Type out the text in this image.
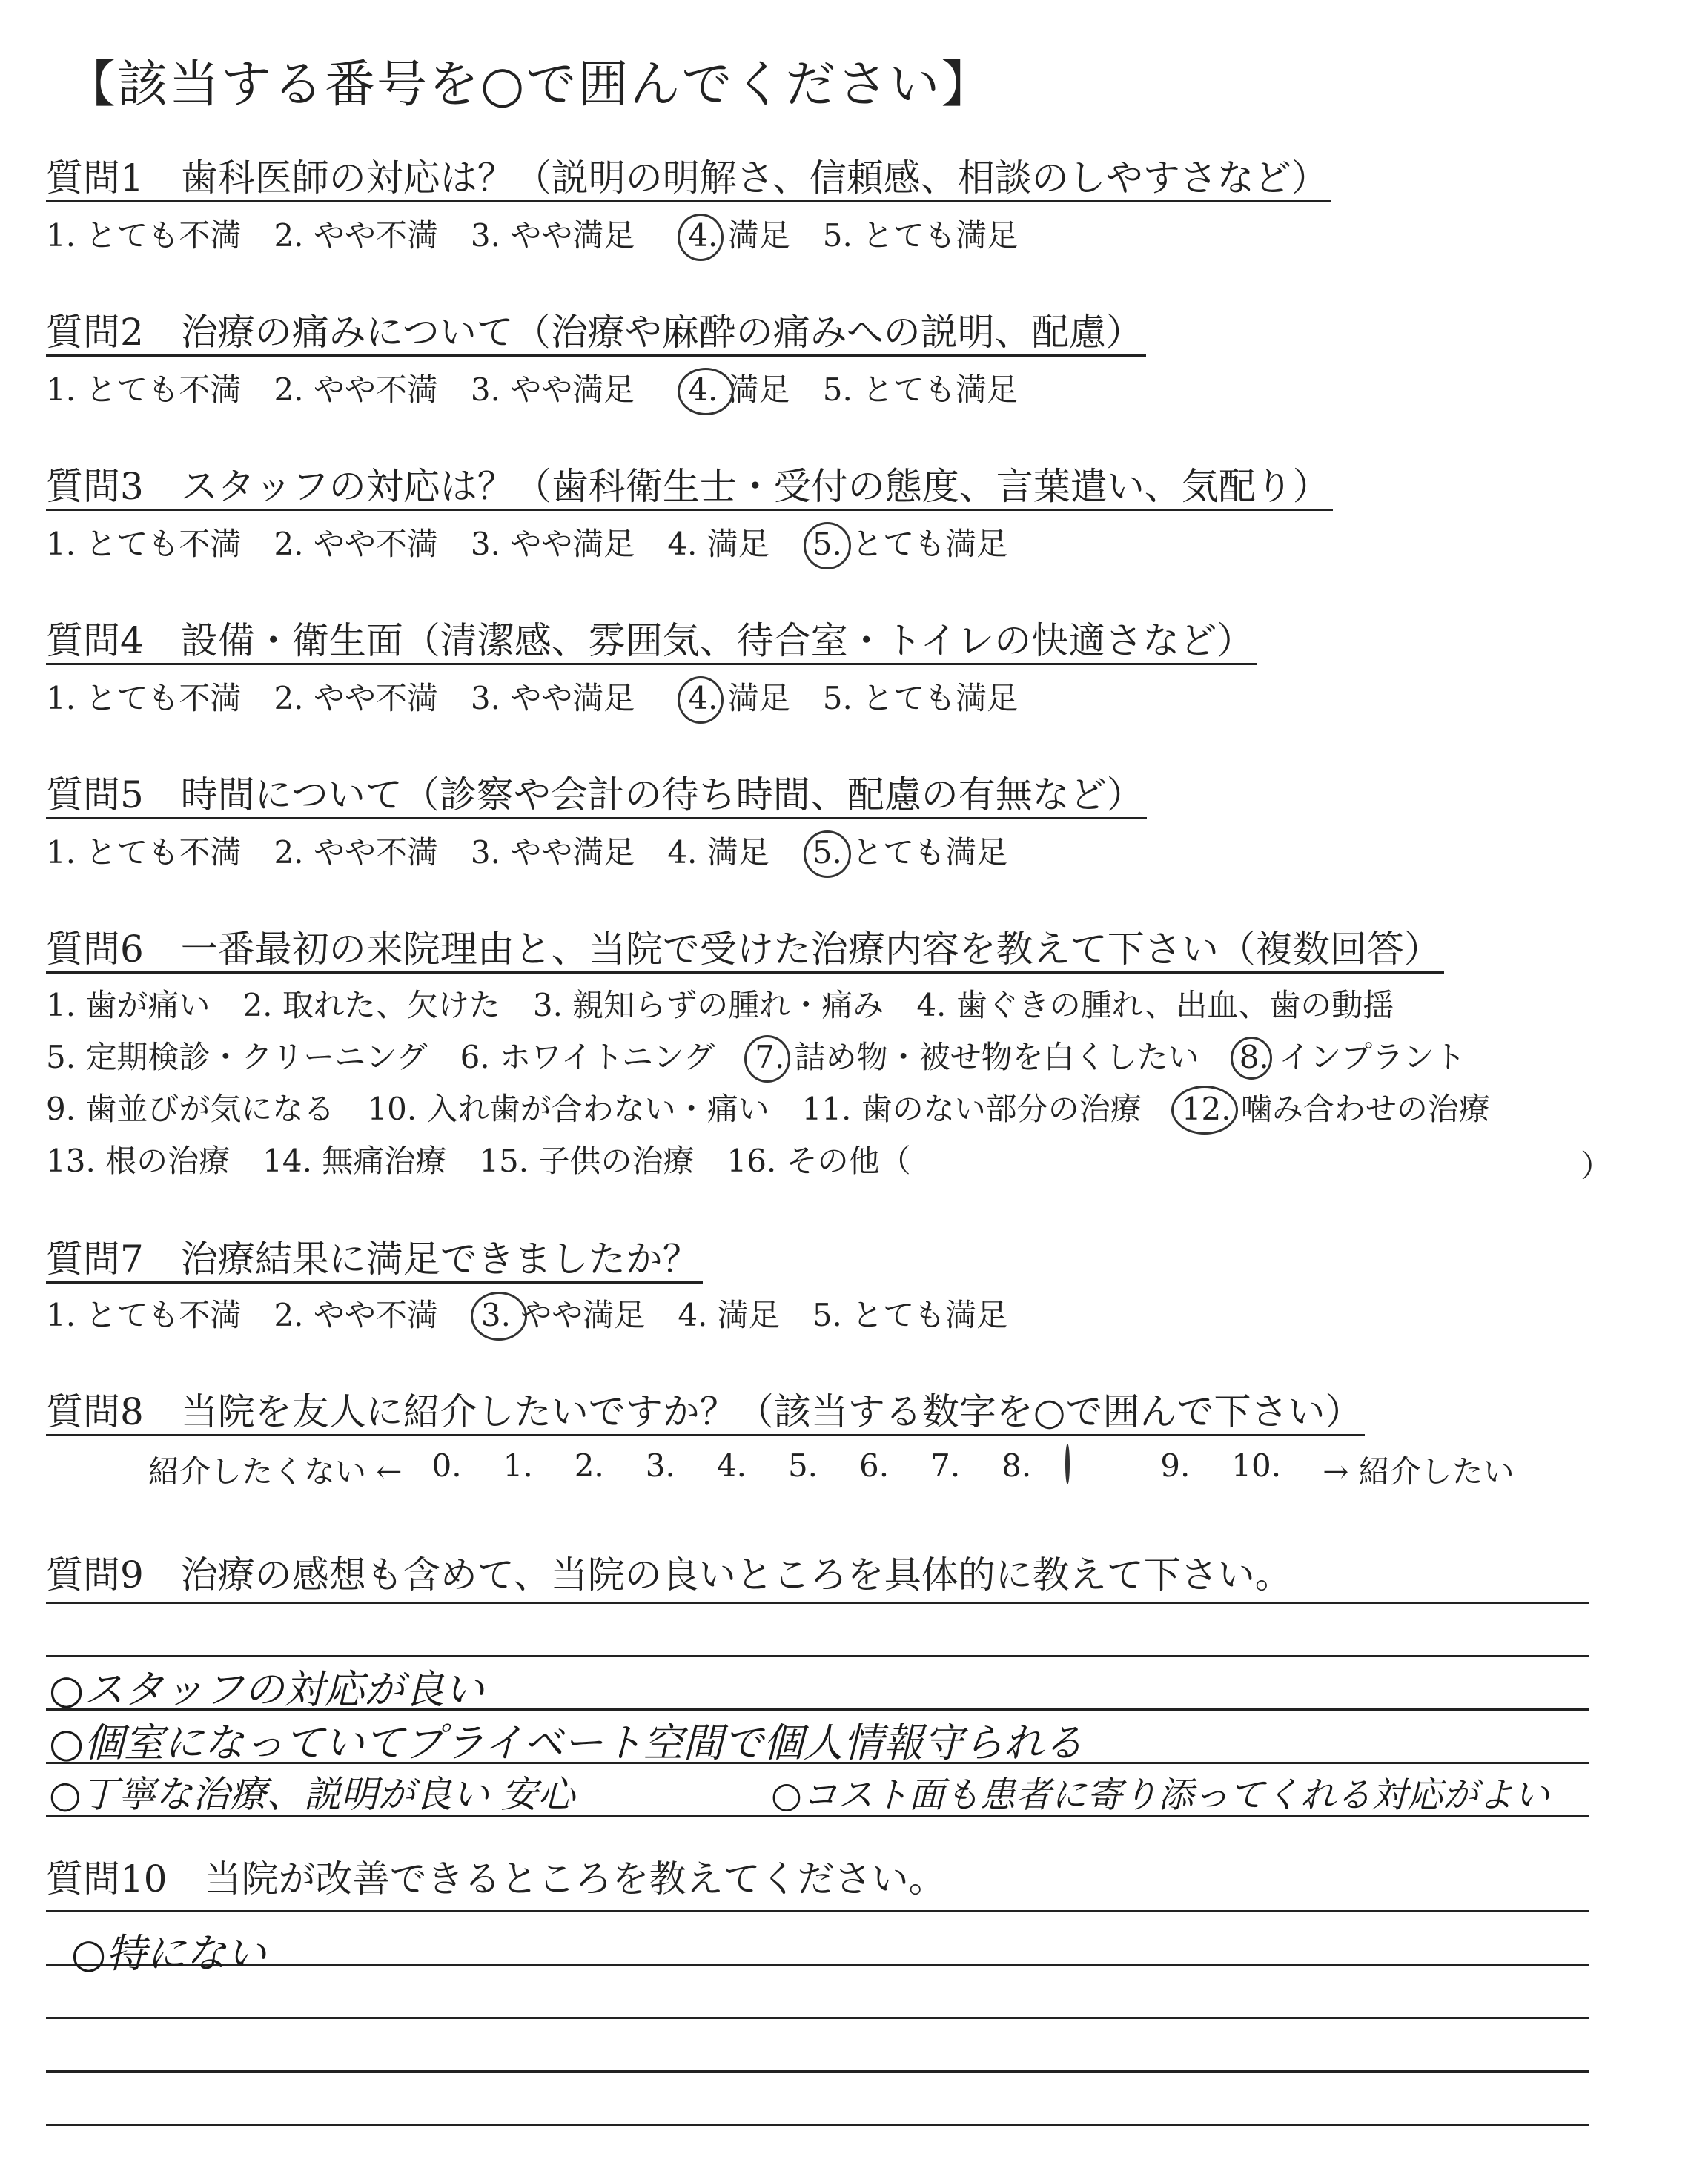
【該当する番号を○で囲んでください】
質問1　歯科医師の対応は？（説明の明解さ、信頼感、相談のしやすさなど）
1. とても不満 2. やや不満 3. やや満足 4. 満足 5. とても満足
質問2　治療の痛みについて（治療や麻酔の痛みへの説明、配慮）
1. とても不満 2. やや不満 3. やや満足 4. 満足 5. とても満足
質問3　スタッフの対応は？（歯科衛生士・受付の態度、言葉遣い、気配り）
1. とても不満 2. やや不満 3. やや満足 4. 満足 5. とても満足
質問4　設備・衛生面（清潔感、雰囲気、待合室・トイレの快適さなど）
1. とても不満 2. やや不満 3. やや満足 4. 満足 5. とても満足
質問5　時間について（診察や会計の待ち時間、配慮の有無など）
1. とても不満 2. やや不満 3. やや満足 4. 満足 5. とても満足
質問6　一番最初の来院理由と、当院で受けた治療内容を教えて下さい（複数回答）
1. 歯が痛い 2. 取れた、欠けた 3. 親知らずの腫れ・痛み 4. 歯ぐきの腫れ、出血、歯の動揺
5. 定期検診・クリーニング 6. ホワイトニング 7. 詰め物・被せ物を白くしたい 8. インプラント
9. 歯並びが気になる 10. 入れ歯が合わない・痛い 11. 歯のない部分の治療 12. 噛み合わせの治療
13. 根の治療 14. 無痛治療 15. 子供の治療 16. その他（	）
質問7　治療結果に満足できましたか？
1. とても不満 2. やや不満 3. やや満足 4. 満足 5. とても満足
質問8　当院を友人に紹介したいですか？（該当する数字を○で囲んで下さい）
紹介したくない ← 0. 1. 2. 3. 4. 5. 6. 7. 8.	9. 10. → 紹介したい
質問9　治療の感想も含めて、当院の良いところを具体的に教えて下さい。
○スタッフの対応が良い
○個室になっていてプライベート空間で個人情報守られる
○丁寧な治療、説明が良い 安心	○コスト面も患者に寄り添ってくれる対応がよい
質問10　当院が改善できるところを教えてください。
○特にない
